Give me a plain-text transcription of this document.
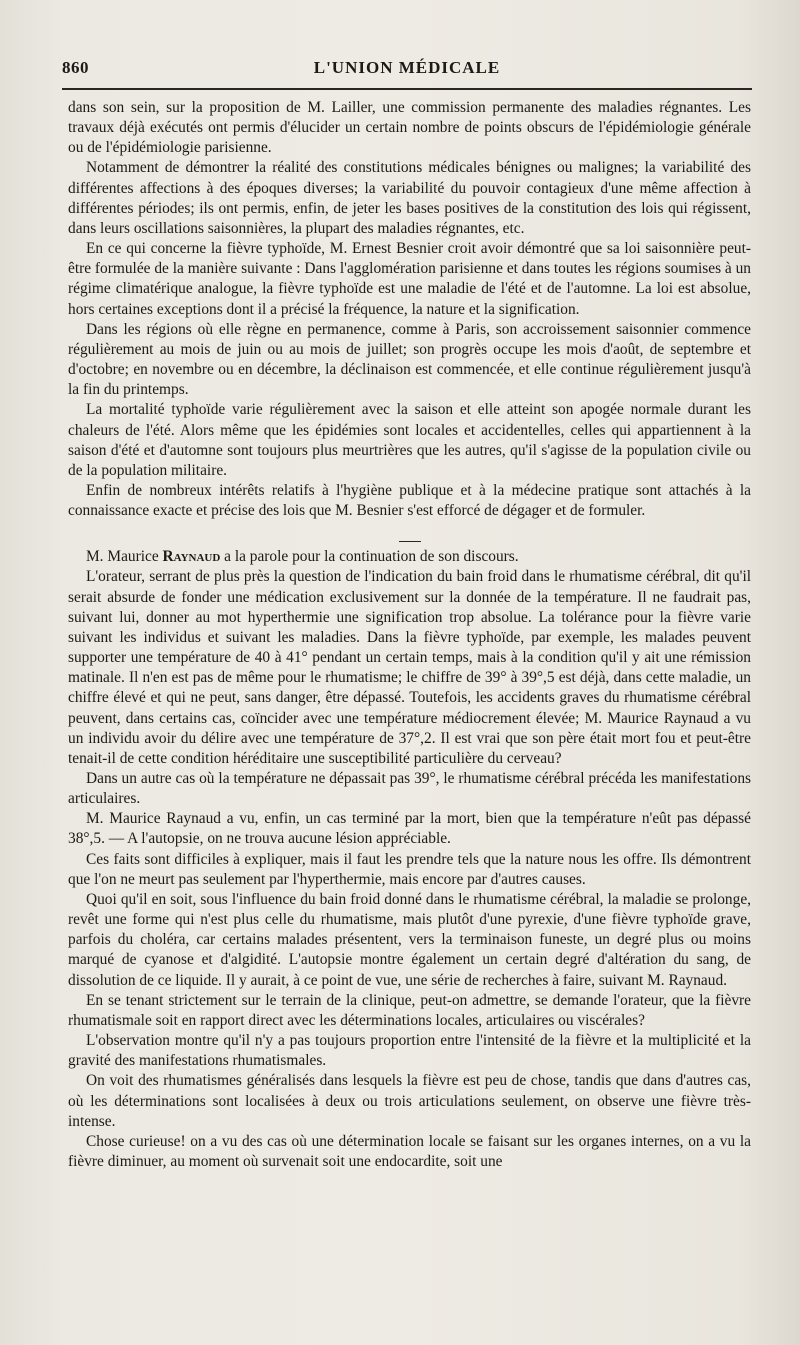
860	L'UNION MÉDICALE

dans son sein, sur la proposition de M. Lailler, une commission permanente des maladies régnantes. Les travaux déjà exécutés ont permis d'élucider un certain nombre de points obscurs de l'épidémiologie générale ou de l'épidémiologie parisienne.

Notamment de démontrer la réalité des constitutions médicales bénignes ou malignes; la variabilité des différentes affections à des époques diverses; la variabilité du pouvoir contagieux d'une même affection à différentes périodes; ils ont permis, enfin, de jeter les bases positives de la constitution des lois qui régissent, dans leurs oscillations saisonnières, la plupart des maladies régnantes, etc.

En ce qui concerne la fièvre typhoïde, M. Ernest Besnier croit avoir démontré que sa loi saisonnière peut-être formulée de la manière suivante : Dans l'agglomération parisienne et dans toutes les régions soumises à un régime climatérique analogue, la fièvre typhoïde est une maladie de l'été et de l'automne. La loi est absolue, hors certaines exceptions dont il a précisé la fréquence, la nature et la signification.

Dans les régions où elle règne en permanence, comme à Paris, son accroissement saisonnier commence régulièrement au mois de juin ou au mois de juillet; son progrès occupe les mois d'août, de septembre et d'octobre; en novembre ou en décembre, la déclinaison est commencée, et elle continue régulièrement jusqu'à la fin du printemps.

La mortalité typhoïde varie régulièrement avec la saison et elle atteint son apogée normale durant les chaleurs de l'été. Alors même que les épidémies sont locales et accidentelles, celles qui appartiennent à la saison d'été et d'automne sont toujours plus meurtrières que les autres, qu'il s'agisse de la population civile ou de la population militaire.

Enfin de nombreux intérêts relatifs à l'hygiène publique et à la médecine pratique sont attachés à la connaissance exacte et précise des lois que M. Besnier s'est efforcé de dégager et de formuler.

M. Maurice Raynaud a la parole pour la continuation de son discours.

L'orateur, serrant de plus près la question de l'indication du bain froid dans le rhumatisme cérébral, dit qu'il serait absurde de fonder une médication exclusivement sur la donnée de la température. Il ne faudrait pas, suivant lui, donner au mot hyperthermie une signification trop absolue. La tolérance pour la fièvre varie suivant les individus et suivant les maladies. Dans la fièvre typhoïde, par exemple, les malades peuvent supporter une température de 40 à 41° pendant un certain temps, mais à la condition qu'il y ait une rémission matinale. Il n'en est pas de même pour le rhumatisme; le chiffre de 39° à 39°,5 est déjà, dans cette maladie, un chiffre élevé et qui ne peut, sans danger, être dépassé. Toutefois, les accidents graves du rhumatisme cérébral peuvent, dans certains cas, coïncider avec une température médiocrement élevée; M. Maurice Raynaud a vu un individu avoir du délire avec une température de 37°,2. Il est vrai que son père était mort fou et peut-être tenait-il de cette condition héréditaire une susceptibilité particulière du cerveau?

Dans un autre cas où la température ne dépassait pas 39°, le rhumatisme cérébral précéda les manifestations articulaires.

M. Maurice Raynaud a vu, enfin, un cas terminé par la mort, bien que la température n'eût pas dépassé 38°,5. — A l'autopsie, on ne trouva aucune lésion appréciable.

Ces faits sont difficiles à expliquer, mais il faut les prendre tels que la nature nous les offre. Ils démontrent que l'on ne meurt pas seulement par l'hyperthermie, mais encore par d'autres causes.

Quoi qu'il en soit, sous l'influence du bain froid donné dans le rhumatisme cérébral, la maladie se prolonge, revêt une forme qui n'est plus celle du rhumatisme, mais plutôt d'une pyrexie, d'une fièvre typhoïde grave, parfois du choléra, car certains malades présentent, vers la terminaison funeste, un degré plus ou moins marqué de cyanose et d'algidité. L'autopsie montre également un certain degré d'altération du sang, de dissolution de ce liquide. Il y aurait, à ce point de vue, une série de recherches à faire, suivant M. Raynaud.

En se tenant strictement sur le terrain de la clinique, peut-on admettre, se demande l'orateur, que la fièvre rhumatismale soit en rapport direct avec les déterminations locales, articulaires ou viscérales?

L'observation montre qu'il n'y a pas toujours proportion entre l'intensité de la fièvre et la multiplicité et la gravité des manifestations rhumatismales.

On voit des rhumatismes généralisés dans lesquels la fièvre est peu de chose, tandis que dans d'autres cas, où les déterminations sont localisées à deux ou trois articulations seulement, on observe une fièvre très-intense.

Chose curieuse! on a vu des cas où une détermination locale se faisant sur les organes internes, on a vu la fièvre diminuer, au moment où survenait soit une endocardite, soit une
